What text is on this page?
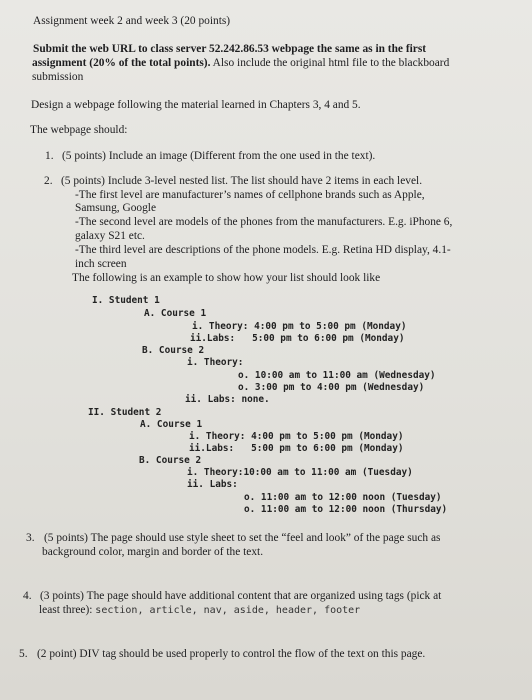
Assignment week 2 and week 3 (20 points)
Submit the web URL to class server 52.242.86.53 webpage the same as in the first
assignment (20% of the total points). Also include the original html file to the blackboard
submission
Design a webpage following the material learned in Chapters 3, 4 and 5.
The webpage should:
1. (5 points) Include an image (Different from the one used in the text).
2. (5 points) Include 3-level nested list. The list should have 2 items in each level.
-The first level are manufacturer’s names of cellphone brands such as Apple,
Samsung, Google
-The second level are models of the phones from the manufacturers. E.g. iPhone 6,
galaxy S21 etc.
-The third level are descriptions of the phone models. E.g. Retina HD display, 4.1-
inch screen
The following is an example to show how your list should look like
I. Student 1
A. Course 1
i. Theory: 4:00 pm to 5:00 pm (Monday)
ii.Labs:   5:00 pm to 6:00 pm (Monday)
B. Course 2
i. Theory:
o. 10:00 am to 11:00 am (Wednesday)
o. 3:00 pm to 4:00 pm (Wednesday)
ii. Labs: none.
II. Student 2
A. Course 1
i. Theory: 4:00 pm to 5:00 pm (Monday)
ii.Labs:   5:00 pm to 6:00 pm (Monday)
B. Course 2
i. Theory:10:00 am to 11:00 am (Tuesday)
ii. Labs:
o. 11:00 am to 12:00 noon (Tuesday)
o. 11:00 am to 12:00 noon (Thursday)
3. (5 points) The page should use style sheet to set the “feel and look” of the page such as
background color, margin and border of the text.
4. (3 points) The page should have additional content that are organized using tags (pick at
least three): section, article, nav, aside, header, footer
5. (2 point) DIV tag should be used properly to control the flow of the text on this page.
